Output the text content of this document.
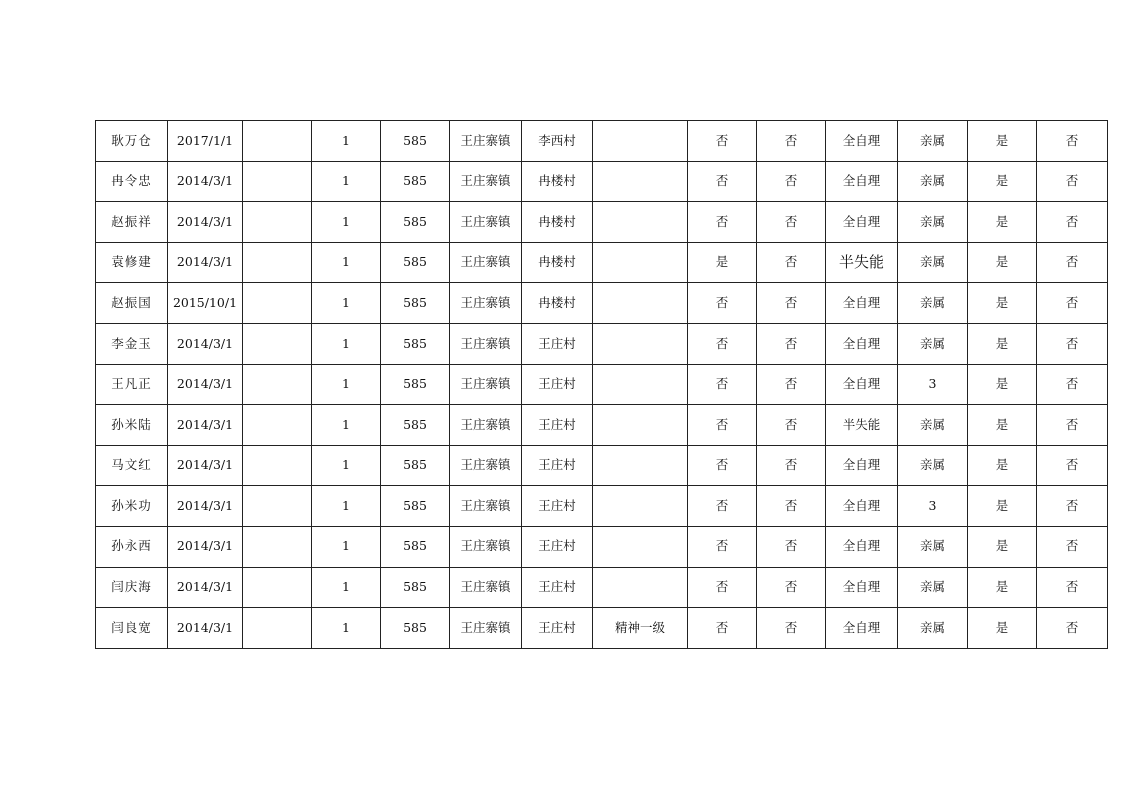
耿万仓	2017/1/1		1	585	王庄寨镇	李西村		否	否	全自理	亲属	是	否
冉令忠	2014/3/1		1	585	王庄寨镇	冉楼村		否	否	全自理	亲属	是	否
赵振祥	2014/3/1		1	585	王庄寨镇	冉楼村		否	否	全自理	亲属	是	否
袁修建	2014/3/1		1	585	王庄寨镇	冉楼村		是	否	半失能	亲属	是	否
赵振国	2015/10/1		1	585	王庄寨镇	冉楼村		否	否	全自理	亲属	是	否
李金玉	2014/3/1		1	585	王庄寨镇	王庄村		否	否	全自理	亲属	是	否
王凡正	2014/3/1		1	585	王庄寨镇	王庄村		否	否	全自理	3	是	否
孙米陆	2014/3/1		1	585	王庄寨镇	王庄村		否	否	半失能	亲属	是	否
马文红	2014/3/1		1	585	王庄寨镇	王庄村		否	否	全自理	亲属	是	否
孙米功	2014/3/1		1	585	王庄寨镇	王庄村		否	否	全自理	3	是	否
孙永西	2014/3/1		1	585	王庄寨镇	王庄村		否	否	全自理	亲属	是	否
闫庆海	2014/3/1		1	585	王庄寨镇	王庄村		否	否	全自理	亲属	是	否
闫良宽	2014/3/1		1	585	王庄寨镇	王庄村	精神一级	否	否	全自理	亲属	是	否
